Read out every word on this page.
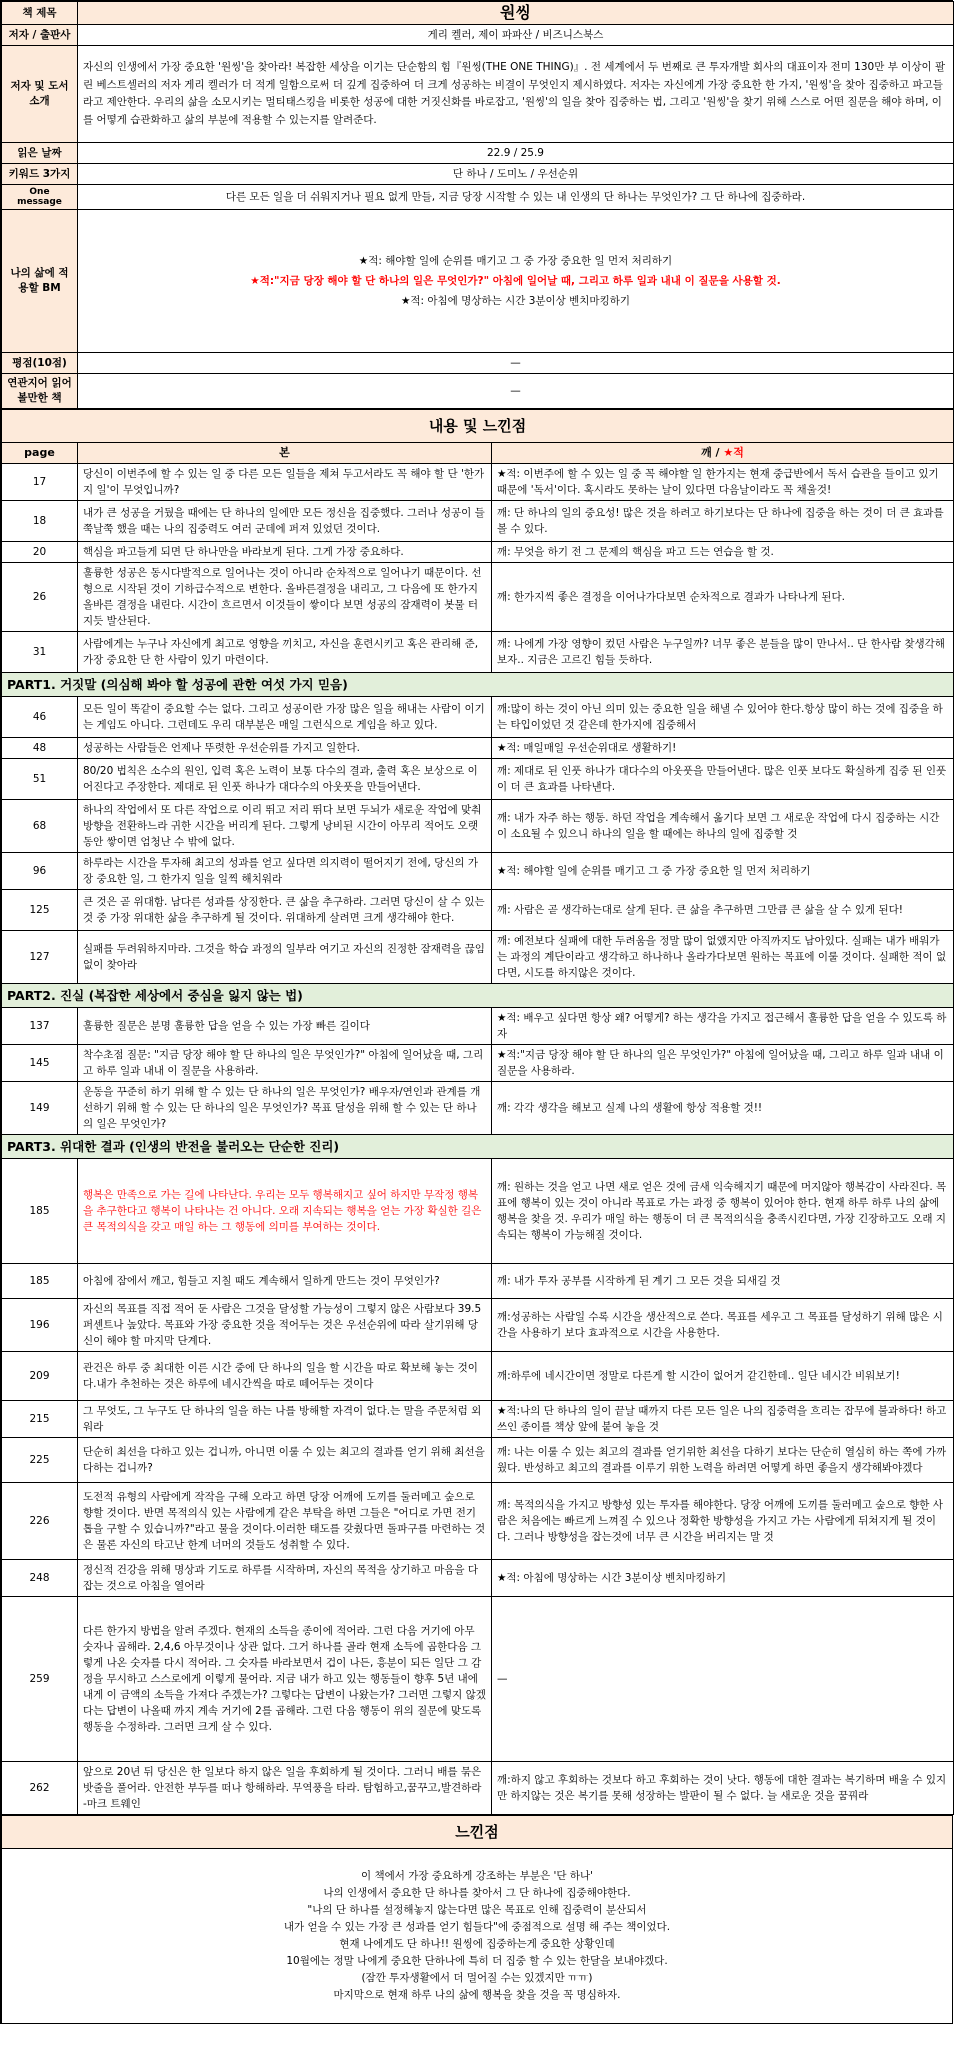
책 제목	원씽
저자 / 출판사	게리 켈러, 제이 파파산 / 비즈니스북스
저자 및 도서소개	자신의 인생에서 가장 중요한 '원씽'을 찾아라! 복잡한 세상을 이기는 단순함의 힘『원씽(THE ONE THING)』. 전 세계에서 두 번째로 큰 투자개발 회사의 대표이자 전미 130만 부 이상이 팔린 베스트셀러의 저자 게리 켈러가 더 적게 일함으로써 더 깊게 집중하여 더 크게 성공하는 비결이 무엇인지 제시하였다. 저자는 자신에게 가장 중요한 한 가지, '원씽'을 찾아 집중하고 파고들라고 제안한다. 우리의 삶을 소모시키는 멀티태스킹을 비롯한 성공에 대한 거짓신화를 바로잡고, '원씽'의 일을 찾아 집중하는 법, 그리고 '원씽'을 찾기 위해 스스로 어떤 질문을 해야 하며, 이를 어떻게 습관화하고 삶의 부분에 적용할 수 있는지를 알려준다.
읽은 날짜	22.9 / 25.9
키워드 3가지	단 하나 / 도미노 / 우선순위
One message	다른 모든 일을 더 쉬워지거나 필요 없게 만들, 지금 당장 시작할 수 있는 내 인생의 단 하나는 무엇인가? 그 단 하나에 집중하라.
나의 삶에 적용할 BM	★적: 해야할 일에 순위를 매기고 그 중 가장 중요한 일 먼저 처리하기
★적:"지금 당장 해야 할 단 하나의 일은 무엇인가?" 아침에 일어날 때, 그리고 하루 일과 내내 이 질문을 사용할 것.
★적: 아침에 명상하는 시간 3분이상 벤치마킹하기

평점(10점)	—
연관지어 읽어볼만한 책	—
내용 및 느낀점		
page	본	깨 / ★적
17	당신이 이번주에 할 수 있는 일 중 다른 모든 일들을 제쳐 두고서라도 꼭 해야 할 단 '한가지 일'이 무엇입니까?	★적: 이번주에 할 수 있는 일 중 꼭 해야할 일 한가지는 현재 중급반에서 독서 습관을 들이고 있기 때문에 '독서'이다. 혹시라도 못하는 날이 있다면 다음날이라도 꼭 채울것!
18	내가 큰 성공을 거뒀을 때에는 단 하나의 일에만 모든 정신을 집중했다. 그러나 성공이 들쭉날쭉 했을 때는 나의 집중력도 여러 군데에 퍼져 있었던 것이다.	깨: 단 하나의 일의 중요성! 많은 것을 하려고 하기보다는 단 하나에 집중을 하는 것이 더 큰 효과를 볼 수 있다.
20	핵심을 파고들게 되면 단 하나만을 바라보게 된다. 그게 가장 중요하다.	깨: 무엇을 하기 전 그 문제의 핵심을 파고 드는 연습을 할 것.
26	훌륭한 성공은 동시다발적으로 일어나는 것이 아니라 순차적으로 일어나기 때문이다. 선형으로 시작된 것이 기하급수적으로 변한다. 올바른결정을 내리고, 그 다음에 또 한가지 올바른 결정을 내린다. 시간이 흐르면서 이것들이 쌓이다 보면 성공의 잠재력이 봇물 터지듯 발산된다.	깨: 한가지씩 좋은 결정을 이어나가다보면 순차적으로 결과가 나타나게 된다.
31	사람에게는 누구나 자신에게 최고로 영향을 끼치고, 자신을 훈련시키고 혹은 관리해 준, 가장 중요한 단 한 사람이 있기 마련이다.	깨: 나에게 가장 영향이 컸던 사람은 누구일까? 너무 좋은 분들을 많이 만나서.. 단 한사람 찾생각해보자.. 지금은 고르긴 힘들 듯하다.
PART1. 거짓말 (의심해 봐야 할 성공에 관한 여섯 가지 믿음)		
46	모든 일이 똑같이 중요할 수는 없다. 그리고 성공이란 가장 많은 일을 해내는 사람이 이기는 게임도 아니다. 그런데도 우리 대부분은 매일 그런식으로 게임을 하고 있다.	깨:많이 하는 것이 아닌 의미 있는 중요한 일을 해낼 수 있어야 한다.항상 많이 하는 것에 집중을 하는 타입이었던 것 같은데 한가지에 집중해서
48	성공하는 사람들은 언제나 뚜렷한 우선순위를 가지고 일한다.	★적: 매일매일 우선순위대로 생활하기!
51	80/20 법칙은 소수의 원인, 입력 혹은 노력이 보통 다수의 결과, 출력 혹은 보상으로 이어진다고 주장한다. 제대로 된 인풋 하나가 대다수의 아웃풋을 만들어낸다.	깨: 제대로 된 인풋 하나가 대다수의 아웃풋을 만들어낸다. 많은 인풋 보다도 확실하게 집중 된 인풋이 더 큰 효과를 나타낸다.
68	하나의 작업에서 또 다른 작업으로 이리 뛰고 저리 뛰다 보면 두뇌가 새로운 작업에 맞춰 방향을 전환하느라 귀한 시간을 버리게 된다. 그렇게 낭비된 시간이 아무리 적어도 오랫동안 쌓이면 엄청난 수 밖에 없다.	깨: 내가 자주 하는 행동. 하던 작업을 계속해서 옮기다 보면 그 새로운 작업에 다시 집중하는 시간이 소요될 수 있으니 하나의 일을 할 때에는 하나의 일에 집중할 것
96	하루라는 시간을 투자해 최고의 성과를 얻고 싶다면 의지력이 떨어지기 전에, 당신의 가장 중요한 일, 그 한가지 일을 일찍 해치워라	★적: 해야할 일에 순위를 매기고 그 중 가장 중요한 일 먼저 처리하기
125	큰 것은 곧 위대함. 남다른 성과를 상징한다. 큰 삶을 추구하라. 그러면 당신이 살 수 있는 것 중 가장 위대한 삶을 추구하게 될 것이다. 위대하게 살려면 크게 생각해야 한다.	깨: 사람은 곧 생각하는대로 살게 된다. 큰 삶을 추구하면 그만큼 큰 삶을 살 수 있게 된다!
127	실패를 두려워하지마라. 그것을 학습 과정의 일부라 여기고 자신의 진정한 잠재력을 끊임없이 찾아라	깨: 예전보다 실패에 대한 두려움을 정말 많이 없앴지만 아직까지도 남아있다. 실패는 내가 배워가는 과정의 계단이라고 생각하고 하나하나 올라가다보면 원하는 목표에 이룰 것이다. 실패한 적이 없다면, 시도를 하지않은 것이다.
PART2. 진실 (복잡한 세상에서 중심을 잃지 않는 법)		
137	훌륭한 질문은 분명 훌륭한 답을 얻을 수 있는 가장 빠른 길이다	★적: 배우고 싶다면 항상 왜? 어떻게? 하는 생각을 가지고 접근해서 훌륭한 답을 얻을 수 있도록 하자
145	착수초점 질문: "지금 당장 해야 할 단 하나의 일은 무엇인가?" 아침에 일어났을 때, 그리고 하루 일과 내내 이 질문을 사용하라.	★적:"지금 당장 해야 할 단 하나의 일은 무엇인가?" 아침에 일어났을 때, 그리고 하루 일과 내내 이 질문을 사용하라.
149	운동을 꾸준히 하기 위해 할 수 있는 단 하나의 일은 무엇인가? 배우자/연인과 관계를 개선하기 위해 할 수 있는 단 하나의 일은 무엇인가? 목표 달성을 위해 할 수 있는 단 하나의 일은 무엇인가?	깨: 각각 생각을 해보고 실제 나의 생활에 항상 적용할 것!!
PART3. 위대한 결과 (인생의 반전을 불러오는 단순한 진리)		
185	행복은 만족으로 가는 길에 나타난다. 우리는 모두 행복해지고 싶어 하지만 무작정 행복을 추구한다고 행복이 나타나는 건 아니다. 오래 지속되는 행복을 얻는 가장 확실한 길은 큰 목적의식을 갖고 매일 하는 그 행동에 의미를 부여하는 것이다.	깨: 원하는 것을 얻고 나면 새로 얻은 것에 금새 익숙해지기 때문에 머지않아 행복감이 사라진다. 목표에 행복이 있는 것이 아니라 목표로 가는 과정 중 행복이 있어야 한다. 현재 하루 하루 나의 삶에 행복을 찾을 것. 우리가 매일 하는 행동이 더 큰 목적의식을 충족시킨다면, 가장 긴장하고도 오래 지속되는 행복이 가능해질 것이다.
185	아침에 잠에서 깨고, 힘들고 지칠 때도 계속해서 일하게 만드는 것이 무엇인가?	깨: 내가 투자 공부를 시작하게 된 계기 그 모든 것을 되새길 것
196	자신의 목표를 직접 적어 둔 사람은 그것을 달성할 가능성이 그렇지 않은 사람보다 39.5퍼센트나 높았다. 목표와 가장 중요한 것을 적어두는 것은 우선순위에 따라 살기위해 당신이 해야 할 마지막 단계다.	깨:성공하는 사람일 수록 시간을 생산적으로 쓴다. 목표를 세우고 그 목표를 달성하기 위해 많은 시간을 사용하기 보다 효과적으로 시간을 사용한다.
209	관건은 하루 중 최대한 이른 시간 중에 단 하나의 일을 할 시간을 따로 확보해 놓는 것이다.내가 추천하는 것은 하루에 네시간씩을 따로 떼어두는 것이다	깨:하루에 네시간이면 정말로 다른게 할 시간이 없어거 같긴한데.. 일단 네시간 비워보기!
215	그 무엇도, 그 누구도 단 하나의 일을 하는 나를 방해할 자격이 없다.는 말을 주문처럼 외워라	★적:나의 단 하나의 일이 끝날 때까지 다른 모든 일은 나의 집중력을 흐리는 잡무에 불과하다! 하고 쓰인 종이를 책상 앞에 붙여 놓을 것
225	단순히 최선을 다하고 있는 겁니까, 아니면 이룰 수 있는 최고의 결과를 얻기 위해 최선을 다하는 겁니까?	깨: 나는 이룰 수 있는 최고의 결과를 얻기위한 최선을 다하기 보다는 단순히 열심히 하는 쪽에 가까웠다. 반성하고 최고의 결과를 이루기 위한 노력을 하려면 어떻게 하면 좋을지 생각해봐야겠다
226	도전적 유형의 사람에게 작작을 구해 오라고 하면 당장 어깨에 도끼를 둘러메고 숲으로 향할 것이다. 반면 목적의식 있는 사람에게 같은 부탁을 하면 그들은 "어디로 가면 전기톱을 구할 수 있습니까?"라고 물을 것이다.이러한 태도를 갖췄다면 돌파구를 마련하는 것은 물론 자신의 타고난 한계 너머의 것들도 성취할 수 있다.	깨: 목적의식을 가지고 방향성 있는 투자를 해야한다. 당장 어깨에 도끼를 둘러메고 숲으로 향한 사람은 처음에는 빠르게 느껴질 수 있으나 정확한 방향성을 가지고 가는 사람에게 뒤쳐지게 될 것이다. 그러나 방향성을 잡는것에 너무 큰 시간을 버리지는 말 것
248	정신적 건강을 위해 명상과 기도로 하루를 시작하며, 자신의 목적을 상기하고 마음을 다 잡는 것으로 아침을 열어라	★적: 아침에 명상하는 시간 3분이상 벤치마킹하기
259	다른 한가지 방법을 알려 주겠다. 현재의 소득을 종이에 적어라. 그런 다음 거기에 아무 숫자나 곱해라. 2,4,6 아무것이나 상관 없다. 그거 하나를 골라 현재 소득에 곱한다음 그렇게 나온 숫자를 다시 적어라. 그 숫자를 바라보면서 겁이 나든, 흥분이 되든 일단 그 감정을 무시하고 스스로에게 이렇게 물어라. 지금 내가 하고 있는 행동들이 향후 5년 내에 내게 이 금액의 소득을 가져다 주겠는가? 그렇다는 답변이 나왔는가? 그러면 그렇지 않겠다는 답변이 나올때 까지 계속 거기에 2를 곱해라. 그런 다음 행동이 위의 질문에 맞도록 행동을 수정하라. 그러면 크게 살 수 있다.	—
262	앞으로 20년 뒤 당신은 한 일보다 하지 않은 일을 후회하게 될 것이다. 그러니 배를 묶은 밧줄을 풀어라. 안전한 부두를 떠나 항해하라. 무역풍을 타라. 탐험하고,꿈꾸고,발견하라 -마크 트웨인	깨:하지 않고 후회하는 것보다 하고 후회하는 것이 낫다. 행동에 대한 결과는 복기하며 배울 수 있지만 하지않는 것은 복기를 못해 성장하는 발판이 될 수 없다. 늘 새로운 것을 꿈꿔라
느낀점

이 책에서 가장 중요하게 강조하는 부분은 '단 하나'
나의 인생에서 중요한 단 하나를 찾아서 그 단 하나에 집중해야한다.
"나의 단 하나를 설정해놓지 않는다면 많은 목표로 인해 집중력이 분산되서
내가 얻을 수 있는 가장 큰 성과를 얻기 힘들다"에 중점적으로 설명 해 주는 책이었다.
현재 나에게도 단 하나!! 원씽에 집중하는게 중요한 상황인데
10월에는 정말 나에게 중요한 단하나에 특히 더 집중 할 수 있는 한달을 보내야겠다.
(잠깐 투자생활에서 더 멀어질 수는 있겠지만 ㅠㅠ)
마지막으로 현재 하루 나의 삶에 행복을 찾을 것을 꼭 명심하자.
